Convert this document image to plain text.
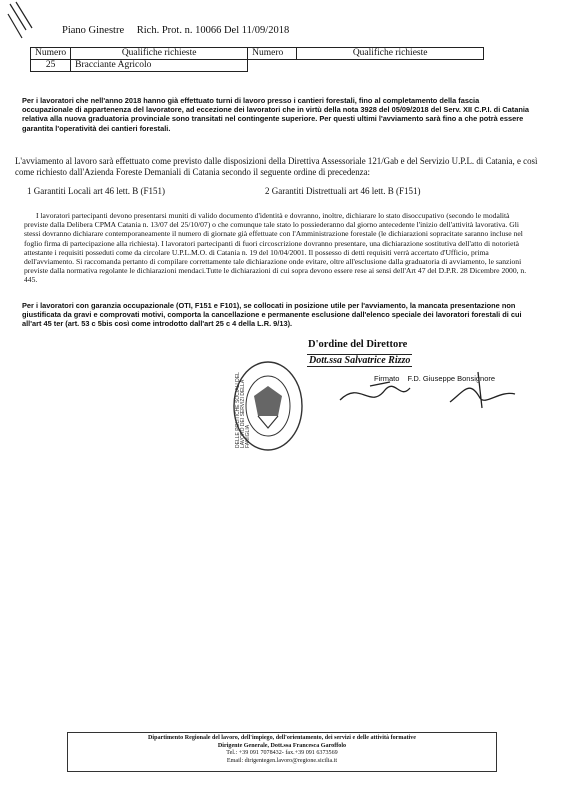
Piano Ginestre Rich. Prot. n. 10066 Del 11/09/2018
Numero	Qualifiche richieste	Numero	Qualifiche richieste
25	Bracciante Agricolo		
Per i lavoratori che nell'anno 2018 hanno già effettuato turni di lavoro presso i cantieri forestali, fino al completamento della fascia occupazionale di appartenenza del lavoratore, ad eccezione dei lavoratori che in virtù della nota 3928 del 05/09/2018 del Serv. XII C.P.I. di Catania relativa alla nuova graduatoria provinciale sono transitati nel contingente superiore. Per questi ultimi l'avviamento sarà fino a che potrà essere garantita l'operatività dei cantieri forestali.
L'avviamento al lavoro sarà effettuato come previsto dalle disposizioni della Direttiva Assessoriale 121/Gab e del Servizio U.P.L. di Catania, e così come richiesto dall'Azienda Foreste Demaniali di Catania secondo il seguente ordine di precedenza:
1 Garantiti Locali art 46 lett. B (F151)	2 Garantiti Distrettuali art 46 lett. B (F151)
I lavoratori partecipanti devono presentarsi muniti di valido documento d'identità e dovranno, inoltre, dichiarare lo stato disoccupativo (secondo le modalità previste dalla Delibera CPMA Catania n. 13/07 del 25/10/07) o che comunque tale stato lo possiederanno dal giorno antecedente l'inizio dell'attività lavorativa. Gli stessi dovranno dichiarare contemporaneamente il numero di giornate già effettuate con l'Amministrazione forestale (le dichiarazioni sopracitate saranno incluse nel foglio firma di partecipazione alla richiesta). I lavoratori partecipanti di fuori circoscrizione dovranno presentare, una dichiarazione sostitutiva dell'atto di notorietà attestante i requisiti posseduti come da circolare U.P.L.M.O. di Catania n. 19 del 10/04/2001. Il possesso di detti requisiti verrà accertato d'Ufficio, prima dell'avviamento. Si raccomanda pertanto di compilare correttamente tale dichiarazione onde evitare, oltre all'esclusione dalla graduatoria di avviamento, le sanzioni previste dalla normativa regolante le dichiarazioni mendaci.Tutte le dichiarazioni di cui sopra devono essere rese ai sensi dell'Art 47 del D.P.R. 28 Dicembre 2000, n. 445.
Per i lavoratori con garanzia occupazionale (OTI, F151 e F101), se collocati in posizione utile per l'avviamento, la mancata presentazione non giustificata da gravi e comprovati motivi, comporta la cancellazione e permanente esclusione dall'elenco speciale dei lavoratori forestali di cui all'art 45 ter (art. 53 c 5bis così come introdotto dall'art 25 c 4 della L.R. 9/13).
D'ordine del Direttore
Dott.ssa Salvatrice Rizzo
DELLE POLITICHE SOCIALI DEL LAVORO DEI SERVIZI DELLA FAMIGLIA
Firmato F.D. Giuseppe Bonsignore
Dipartimento Regionale del lavoro, dell'impiego, dell'orientamento, dei servizi e delle attività formative
Dirigente Generale, Dott.ssa Francesca Garoffolo
Tel.: +39 091 7078432- fax.+39 091 6373569
Email: dirigentegen.lavoro@regione.sicilia.it
